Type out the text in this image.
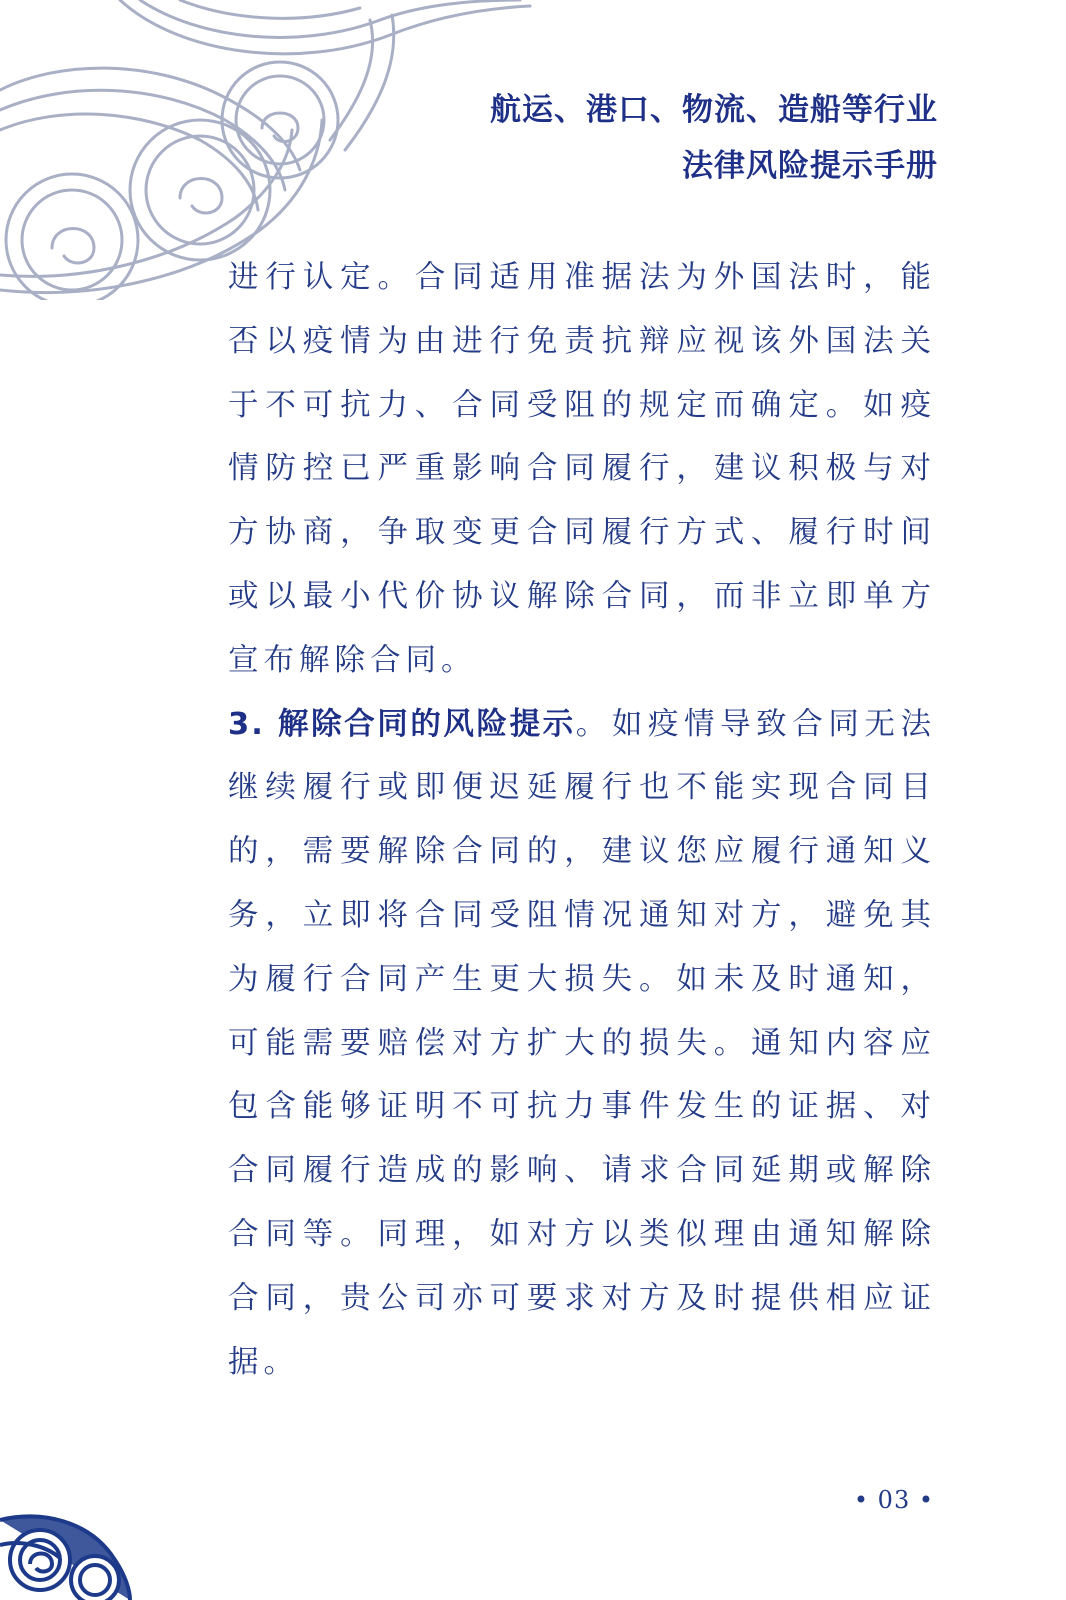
航运、港口、物流、造船等行业
法律风险提示手册

进行认定。合同适用准据法为外国法时，能否以疫情为由进行免责抗辩应视该外国法关于不可抗力、合同受阻的规定而确定。如疫情防控已严重影响合同履行，建议积极与对方协商，争取变更合同履行方式、履行时间或以最小代价协议解除合同，而非立即单方宣布解除合同。

3. 解除合同的风险提示。如疫情导致合同无法继续履行或即便迟延履行也不能实现合同目的，需要解除合同的，建议您应履行通知义务，立即将合同受阻情况通知对方，避免其为履行合同产生更大损失。如未及时通知，可能需要赔偿对方扩大的损失。通知内容应包含能够证明不可抗力事件发生的证据、对合同履行造成的影响、请求合同延期或解除合同等。同理，如对方以类似理由通知解除合同，贵公司亦可要求对方及时提供相应证据。

• 03 •
